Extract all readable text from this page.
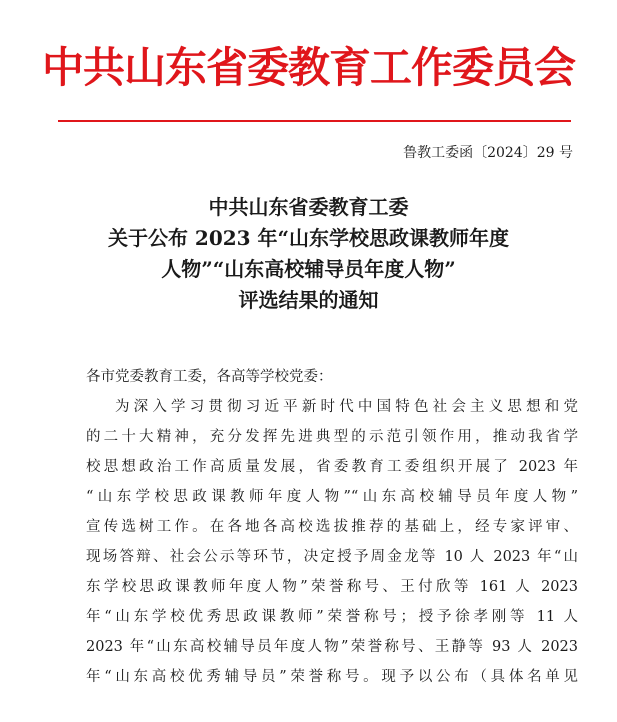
中共山东省委教育工作委员会
鲁教工委函〔2024〕29 号
中共山东省委教育工委
关于公布 2023 年“山东学校思政课教师年度
人物”“山东高校辅导员年度人物”
评选结果的通知
各市党委教育工委，各高等学校党委：
为深入学习贯彻习近平新时代中国特色社会主义思想和党
的二十大精神，充分发挥先进典型的示范引领作用，推动我省学
校思想政治工作高质量发展，省委教育工委组织开展了 2023 年
“山东学校思政课教师年度人物”“山东高校辅导员年度人物”
宣传选树工作。在各地各高校选拔推荐的基础上，经专家评审、
现场答辩、社会公示等环节，决定授予周金龙等 10 人 2023 年“山
东学校思政课教师年度人物”荣誉称号、王付欣等 161 人 2023
年“山东学校优秀思政课教师”荣誉称号；授予徐孝刚等 11 人
2023 年“山东高校辅导员年度人物”荣誉称号、王静等 93 人 2023
年“山东高校优秀辅导员”荣誉称号。现予以公布（具体名单见
